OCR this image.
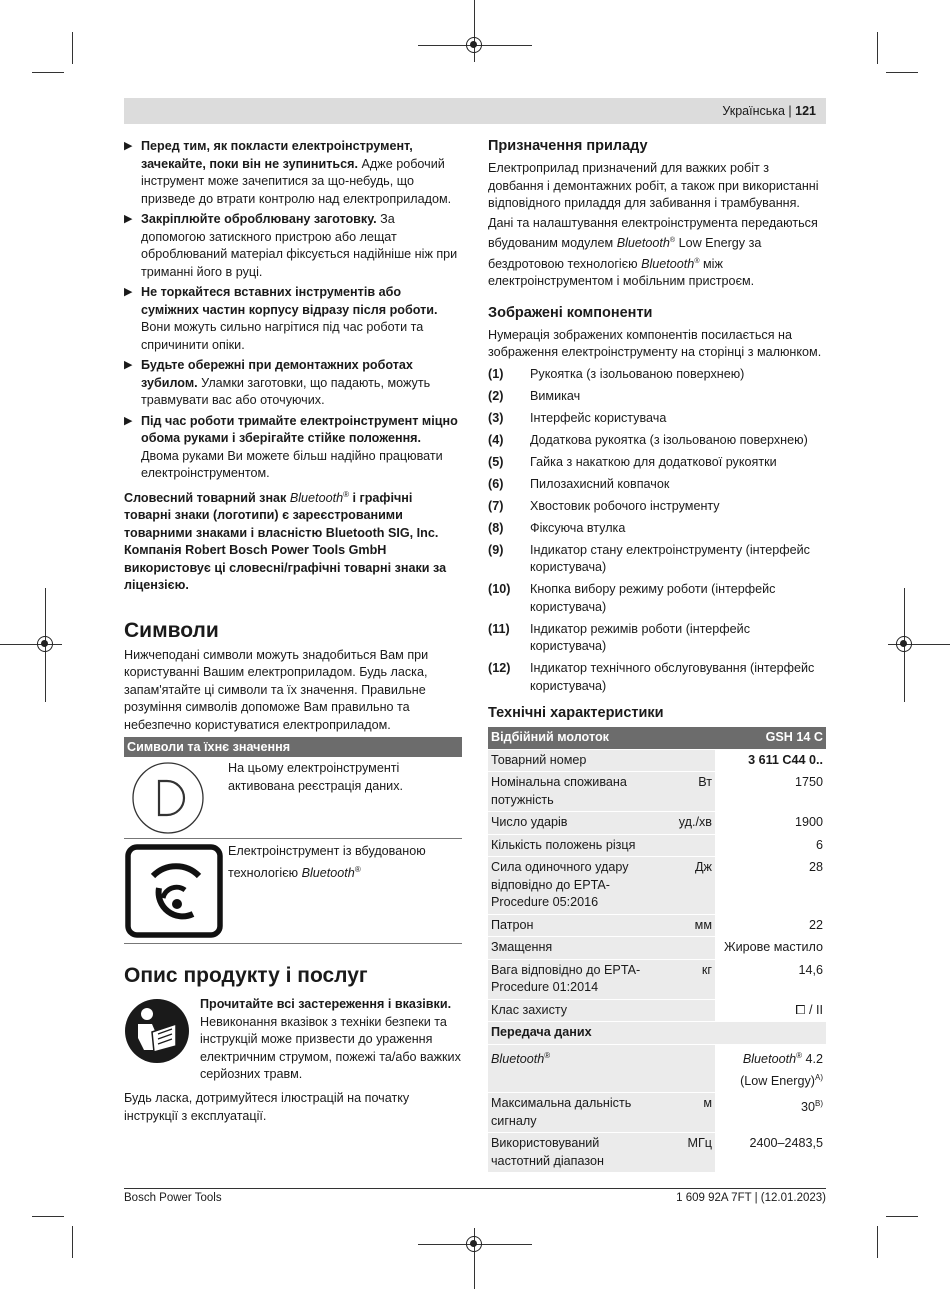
Українська | 121
▶ Перед тим, як покласти електроінструмент, зачекайте, поки він не зупиниться. Адже робочий інструмент може зачепитися за що-небудь, що призведе до втрати контролю над електроприладом.
▶ Закріплюйте оброблювану заготовку. За допомогою затискного пристрою або лещат оброблюваний матеріал фіксується надійніше ніж при триманні його в руці.
▶ Не торкайтеся вставних інструментів або суміжних частин корпусу відразу після роботи. Вони можуть сильно нагрітися під час роботи та спричинити опіки.
▶ Будьте обережні при демонтажних роботах зубилом. Уламки заготовки, що падають, можуть травмувати вас або оточуючих.
▶ Під час роботи тримайте електроінструмент міцно обома руками і зберігайте стійке положення. Двома руками Ви можете більш надійно працювати електроінструментом.

Словесний товарний знак Bluetooth® і графічні товарні знаки (логотипи) є зареєстрованими товарними знаками і власністю Bluetooth SIG, Inc. Компанія Robert Bosch Power Tools GmbH використовує ці словесні/графічні товарні знаки за ліцензією.

Символи

Нижчеподані символи можуть знадобиться Вам при користуванні Вашим електроприладом. Будь ласка, запам'ятайте ці символи та їх значення. Правильне розуміння символів допоможе Вам правильно та небезпечно користуватися електроприладом.

Символи та їхнє значення
На цьому електроінструменті активована реєстрація даних.
Електроінструмент із вбудованою технологією Bluetooth®
Опис продукту і послуг

Прочитайте всі застереження і вказівки. Невиконання вказівок з техніки безпеки та інструкцій може призвести до ураження електричним струмом, пожежі та/або важких серйозних травм.

Будь ласка, дотримуйтеся ілюстрацій на початку інструкції з експлуатації.

Призначення приладу

Електроприлад призначений для важких робіт з довбання і демонтажних робіт, а також при використанні відповідного приладдя для забивання і трамбування.

Дані та налаштування електроінструмента передаються вбудованим модулем Bluetooth® Low Energy за бездротовою технологією Bluetooth® між електроінструментом і мобільним пристроєм.

Зображені компоненти

Нумерація зображених компонентів посилається на зображення електроінструменту на сторінці з малюнком.

(1)	Рукоятка (з ізольованою поверхнею)
(2)	Вимикач
(3)	Інтерфейс користувача
(4)	Додаткова рукоятка (з ізольованою поверхнею)
(5)	Гайка з накаткою для додаткової рукоятки
(6)	Пилозахисний ковпачок
(7)	Хвостовик робочого інструменту
(8)	Фіксуюча втулка
(9)	Індикатор стану електроінструменту (інтерфейс користувача)
(10)	Кнопка вибору режиму роботи (інтерфейс користувача)
(11)	Індикатор режимів роботи (інтерфейс користувача)
(12)	Індикатор технічного обслуговування (інтерфейс користувача)
Технічні характеристики
Відбійний молоток		GSH 14 C
Товарний номер		3 611 C44 0..
Номінальна споживана потужність	Вт	1750
Число ударів	уд./хв	1900
Кількість положень різця		6
Сила одиночного удару відповідно до EPTA-Procedure 05:2016	Дж	28
Патрон	мм	22
Змащення		Жирове мастило
Вага відповідно до EPTA-Procedure 01:2014	кг	14,6
Клас захисту		⧠ / II
Передача даних		
Bluetooth®		Bluetooth® 4.2 (Low Energy)$^{A)}$
Максимальна дальність сигналу	м	$30^{B)}$
Використовуваний частотний діапазон	МГц	2400–2483,5
Bosch Power Tools	1 609 92A 7FT | (12.01.2023)
